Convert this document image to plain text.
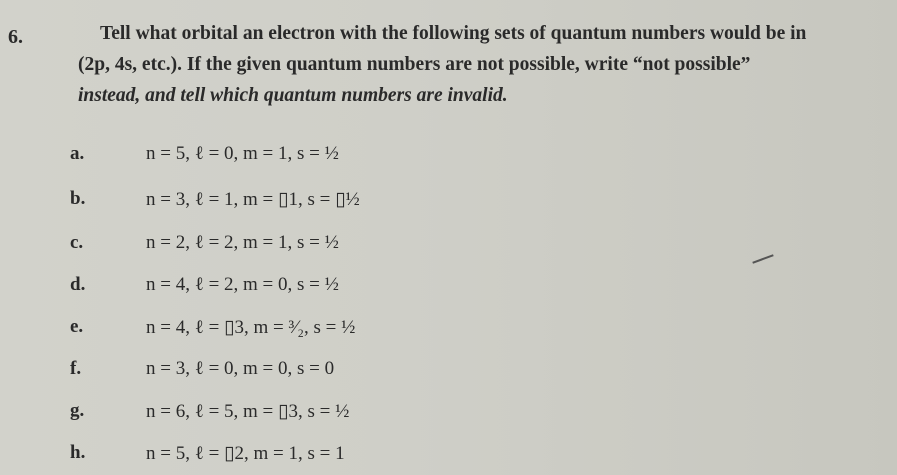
6.	Tell what orbital an electron with the following sets of quantum numbers would be in
(2p, 4s, etc.). If the given quantum numbers are not possible, write “not possible”
instead, and tell which quantum numbers are invalid.
a.	n = 5, ℓ = 0, m = 1, s = ½
b.	n = 3, ℓ = 1, m = ▯1, s = ▯½
c.	n = 2, ℓ = 2, m = 1, s = ½
d.	n = 4, ℓ = 2, m = 0, s = ½
e.	n = 4, ℓ = ▯3, m = ³⁄₂, s = ½
f.	n = 3, ℓ = 0, m = 0, s = 0
g.	n = 6, ℓ = 5, m = ▯3, s = ½
h.	n = 5, ℓ = ▯2, m = 1, s = 1
